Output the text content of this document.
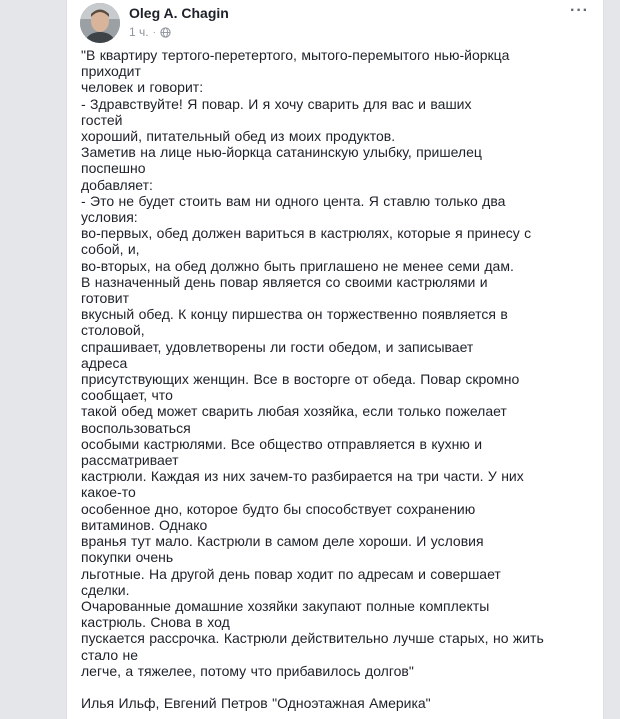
Oleg A. Chagin
1 ч. ·
···
"В квартиру тертого-перетертого, мытого-перемытого нью-йоркца
приходит
человек и говорит:
- Здравствуйте! Я повар. И я хочу сварить для вас и ваших
гостей
хороший, питательный обед из моих продуктов.
Заметив на лице нью-йоркца сатанинскую улыбку, пришелец
поспешно
добавляет:
- Это не будет стоить вам ни одного цента. Я ставлю только два
условия:
во-первых, обед должен вариться в кастрюлях, которые я принесу с
собой, и,
во-вторых, на обед должно быть приглашено не менее семи дам.
В назначенный день повар является со своими кастрюлями и
готовит
вкусный обед. К концу пиршества он торжественно появляется в
столовой,
спрашивает, удовлетворены ли гости обедом, и записывает
адреса
присутствующих женщин. Все в восторге от обеда. Повар скромно
сообщает, что
такой обед может сварить любая хозяйка, если только пожелает
воспользоваться
особыми кастрюлями. Все общество отправляется в кухню и
рассматривает
кастрюли. Каждая из них зачем-то разбирается на три части. У них
какое-то
особенное дно, которое будто бы способствует сохранению
витаминов. Однако
вранья тут мало. Кастрюли в самом деле хороши. И условия
покупки очень
льготные. На другой день повар ходит по адресам и совершает
сделки.
Очарованные домашние хозяйки закупают полные комплекты
кастрюль. Снова в ход
пускается рассрочка. Кастрюли действительно лучше старых, но жить
стало не
легче, а тяжелее, потому что прибавилось долгов"
Илья Ильф, Евгений Петров "Одноэтажная Америка"
